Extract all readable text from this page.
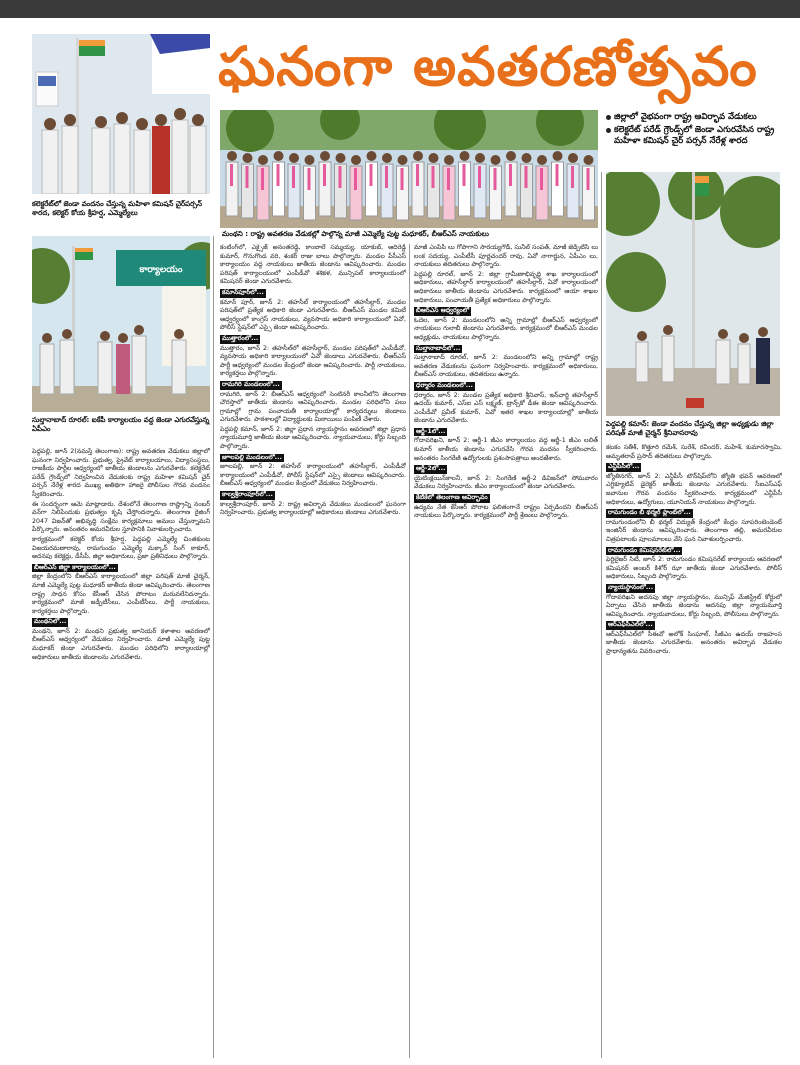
ఘనంగా అవతరణోత్సవం
కలెక్టరేట్‌లో జెండా వందనం చేస్తున్న మహిళా కమిషన్ చైర్‌పర్సన్ శారద, కలెక్టర్ కోయ శ్రీహర్ష, ఎమ్మెల్యేలు
మంథని : రాష్ట్ర అవతరణ వేడుకల్లో పాల్గొన్న మాజీ ఎమ్మెల్యే పుట్ట మధూకర్, బీఆర్ఎస్ నాయకులు
జిల్లాలో వైభవంగా రాష్ట్ర ఆవిర్భావ వేడుకలు
కలెక్టరేట్ పరేడ్ గ్రౌండ్స్‌లో జెండా ఎగురవేసిన రాష్ట్ర మహిళా కమిషన్ చైర్ పర్సన్ నేరేళ్ల శారద
పెద్దపల్లి కమాన్: జెండా వందనం చేస్తున్న జిల్లా అధ్యక్షుడు జిల్లా పరిషత్ మాజీ చైర్మన్ శ్రీనివాసరావు
కార్యాలయం
సుల్తానాబాద్ రూరల్: ఐకేపీ కార్యాలయం వద్ద జెండా ఎగురవేస్తున్న ఏపీఎం

పెద్దపల్లి, జూన్ 2(నమస్తే తెలంగాణ): రాష్ట్ర అవతరణ వేడుకలు జిల్లాలో ఘనంగా నిర్వహించారు. ప్రభుత్వ, ప్రైవేట్ కార్యాలయాలు, విద్యాసంస్థలు, రాజకీయ పార్టీల ఆధ్వర్యంలో జాతీయ జెండాలను ఎగురవేశారు. కలెక్టరేట్ పరేడ్ గ్రౌండ్స్‌లో నిర్వహించిన వేడుకలకు రాష్ట్ర మహిళా కమిషన్ చైర్ పర్సన్ నేరేళ్ల శారద ముఖ్య అతిథిగా హాజరై పోలీసుల గౌరవ వందనం స్వీకరించారు.

ఈ సందర్భంగా ఆమె మాట్లాడారు. దేశంలోనే తెలంగాణ రాష్ట్రాన్ని నంబర్ వన్‌గా నిలిపేందుకు ప్రభుత్వం కృషి చేస్తోందన్నారు. తెలంగాణ రైజింగ్ 2047 విజన్‌తో అభివృద్ధి సంక్షేమ కార్యక్రమాలు అమలు చేస్తున్నామని పేర్కొన్నారు. అనంతరం అమరవీరుల స్తూపానికి నివాళులర్పించారు.

కార్యక్రమంలో కలెక్టర్ కోయ శ్రీహర్ష, పెద్దపల్లి ఎమ్మెల్యే చింతకుంట విజయరమణారావు, రామగుండం ఎమ్మెల్యే మక్కాన్ సింగ్ ఠాకూర్, అదనపు కలెక్టర్లు, డీసీపీ, జిల్లా అధికారులు, ప్రజా ప్రతినిధులు పాల్గొన్నారు.

బీఆర్ఎస్ జిల్లా కార్యాలయంలో...

జిల్లా కేంద్రంలోని బీఆర్ఎస్ కార్యాలయంలో జిల్లా పరిషత్ మాజీ చైర్మన్, మాజీ ఎమ్మెల్యే పుట్ట మధూకర్ జాతీయ జెండా ఆవిష్కరించారు. తెలంగాణ రాష్ట్ర సాధన కోసం కేసీఆర్ చేసిన పోరాటం మరువలేనిదన్నారు. కార్యక్రమంలో మాజీ జడ్పీటీసీలు, ఎంపీటీసీలు, పార్టీ నాయకులు, కార్యకర్తలు పాల్గొన్నారు.

మంథనిలో...

మంథని, జూన్ 2: మంథని ప్రభుత్వ జూనియర్ కళాశాల ఆవరణలో బీఆర్ఎస్ ఆధ్వర్యంలో వేడుకలు నిర్వహించారు. మాజీ ఎమ్మెల్యే పుట్ట మధూకర్ జెండా ఎగురవేశారు. మండల పరిధిలోని కార్యాలయాల్లో అధికారులు జాతీయ జెండాలను ఎగురవేశారు.

కంటింగ్‌లో, ఎక్సైజ్ అనంతరెడ్డి, కాంబాలే సమ్మయ్య, యాకుబ్, ఆదిరెడ్డి కుమార్, గొనుగొండ వరి, శంకర్ రాజు బాలు పాల్గొన్నారు. మండల పీసీఎస్ కార్యాలయం వద్ద నాయకులు జాతీయ జెండాను ఆవిష్కరించారు. మండల పరిషత్ కార్యాలయంలో ఎంపీడీవో శశికళ, మున్సిపల్ కార్యాలయంలో కమిషనర్ జెండా ఎగురవేశారు.

కమాన్‌పూర్‌లో...

కమాన్ పూర్, జూన్ 2: తహసీల్ కార్యాలయంలో తహసీల్దార్, మండల పరిషత్‌లో ప్రత్యేక అధికారి జెండా ఎగురవేశారు. బీఆర్ఎస్ మండల కమిటీ ఆధ్వర్యంలో కాంగ్రెస్ నాయకులు, వ్యవసాయ అధికారి కార్యాలయంలో ఏవో, పోలీస్ స్టేషన్‌లో ఎస్సై జెండా ఆవిష్కరించారు.

ముత్తారంలో...

ముత్తారం, జూన్ 2: తహసీల్‌లో తహసీల్దార్, మండల పరిషత్‌లో ఎంపీడీవో, వ్యవసాయ అధికారి కార్యాలయంలో ఏవో జెండాలు ఎగురవేశారు. బీఆర్ఎస్ పార్టీ ఆధ్వర్యంలో మండల కేంద్రంలో జెండా ఆవిష్కరించారు. పార్టీ నాయకులు, కార్యకర్తలు పాల్గొన్నారు.

రామగిరి మండలంలో...

రామగిరి, జూన్ 2: బీఆర్ఎస్ ఆధ్వర్యంలో సెంటినరీ కాలనీలోని తెలంగాణ చౌరస్తాలో జాతీయ జెండాను ఆవిష్కరించారు. మండల పరిధిలోని పలు గ్రామాల్లో గ్రామ పంచాయతీ కార్యాలయాల్లో కార్యదర్శులు జెండాలు ఎగురవేశారు. పాఠశాలల్లో విద్యార్థులకు మిఠాయిలు పంపిణీ చేశారు.

పెద్దపల్లి కమాన్, జూన్ 2: జిల్లా ప్రధాన న్యాయస్థానం ఆవరణలో జిల్లా ప్రధాన న్యాయమూర్తి జాతీయ జెండా ఆవిష్కరించారు. న్యాయవాదులు, కోర్టు సిబ్బంది పాల్గొన్నారు.

జూలపల్లి మండలంలో...

జూలపల్లి, జూన్ 2: తహసీల్ కార్యాలయంలో తహసీల్దార్, ఎంపీడీవో కార్యాలయంలో ఎంపీడీవో, పోలీస్ స్టేషన్‌లో ఎస్సై జెండాలు ఆవిష్కరించారు. బీఆర్ఎస్ ఆధ్వర్యంలో మండల కేంద్రంలో వేడుకలు నిర్వహించారు.

కాల్వశ్రీరాంపూర్‌లో...

కాల్వశ్రీరాంపూర్, జూన్ 2: రాష్ట్ర అవిర్భావ వేడుకలు మండలంలో ఘనంగా నిర్వహించారు. ప్రభుత్వ కార్యాలయాల్లో అధికారులు జెండాలు ఎగురవేశారు.

మాజీ ఎంపీపీ లు గోపాగాని సారయ్యగౌడ్, సునీల్ సంపత్, మాజీ జెడ్పీటీసీ లు లంక సదయ్య, ఎంపీటీసీ పూర్ణచందర్ రావు, ఏవో నాగార్జున, ఏపీఎం లు, నాయకులు తదితరులు పాల్గొన్నారు.

పెద్దపల్లి రూరల్, జూన్ 2: జిల్లా గ్రామీణాభివృద్ధి శాఖ కార్యాలయంలో అధికారులు, తహసీల్దార్ కార్యాలయంలో తహసీల్దార్, ఏవో కార్యాలయంలో అధికారులు జాతీయ జెండాను ఎగురవేశారు. కార్యక్రమంలో ఆయా శాఖల అధికారులు, పంచాయతీ ప్రత్యేక అధికారులు పాల్గొన్నారు.

బీఆర్ఎస్ ఆధ్వర్యంలో

ఓదెల, జూన్ 2: మండలంలోని అన్ని గ్రామాల్లో బీఆర్ఎస్ ఆధ్వర్యంలో నాయకులు గులాబీ జెండాను ఎగురవేశారు. కార్యక్రమంలో బీఆర్ఎస్ మండల అధ్యక్షుడు, నాయకులు పాల్గొన్నారు.

సుల్తానాబాద్‌లో...

సుల్తానాబాద్ రూరల్, జూన్ 2: మండలంలోని అన్ని గ్రామాల్లో రాష్ట్ర అవతరణ వేడుకలను ఘనంగా నిర్వహించారు. కార్యక్రమంలో అధికారులు, బీఆర్ఎస్ నాయకులు, తదితరులు ఉన్నారు.

ధర్మారం మండలంలో...

ధర్మారం, జూన్ 2: మండల ప్రత్యేక అధికారి శ్రీనివాస్, ఇన్‌చార్జి తహసీల్దార్ ఉదయ్ కుమార్, ఎస్ఐ ఎస్ లక్ష్మణ్, ట్రాన్స్‌కో డీఈ జెండా ఆవిష్కరించారు. ఎంపీడీవో ప్రవీణ్ కుమార్, ఏవో ఇతర శాఖల కార్యాలయాల్లో జాతీయ జెండాను ఎగురవేశారు.

ఆర్జీ-1లో...

గోదావరిఖని, జూన్ 2: ఆర్జీ-1 జీఎం కార్యాలయం వద్ద ఆర్జీ-1 జీఎం లలిత్ కుమార్ జాతీయ జెండాను ఎగురవేసి గౌరవ వందనం స్వీకరించారు. అనంతరం సింగరేణి ఉద్యోగులకు ప్రశంసాపత్రాలు అందజేశారు.

ఆర్జీ-2లో...

యైటింక్లయిన్‌కాలనీ, జూన్ 2: సింగరేణి ఆర్జీ-2 డివిజన్‌లో సోమవారం వేడుకలు నిర్వహించారు. జీఎం కార్యాలయంలో జెండా ఎగురవేశారు.

కేటీకేలో తెలంగాణ ఆవిర్భావం

ఉద్యమ నేత కేసీఆర్ పోరాట ఫలితంగానే రాష్ట్రం ఏర్పడిందని బీఆర్ఎస్ నాయకులు పేర్కొన్నారు. కార్యక్రమంలో పార్టీ శ్రేణులు పాల్గొన్నారు.

కటకం సతీశ్, కొత్తూరి రమేశ్, సురేశ్, రవీందర్, మహేశ్, కుమారస్వామి, అమృతరావ్ ప్రసాద్ తదితరులు పాల్గొన్నారు.

ఎన్టీపీసీలో...

జ్యోతినగర్, జూన్ 2: ఎన్టీపీసీ టౌన్‌షిప్‌లోని జ్యోతి భవన్ ఆవరణలో ఎగ్జిక్యూటివ్ డైరెక్టర్ జాతీయ జెండాను ఎగురవేశారు. సీఐఎస్ఎఫ్ జవానుల గౌరవ వందనం స్వీకరించారు. కార్యక్రమంలో ఎన్టీపీసీ అధికారులు, ఉద్యోగులు, యూనియన్ నాయకులు పాల్గొన్నారు.

రామగుండం బీ థర్మల్ ప్లాంట్‌లో...

రామగుండంలోని బీ థర్మల్ విద్యుత్ కేంద్రంలో కేంద్రం సూపరింటెండెంట్ ఇంజినీర్ జెండాను ఆవిష్కరించారు. తెలంగాణ తల్లి, అమరవీరుల చిత్రపటాలకు పూలమాలలు వేసి ఘన నివాళులర్పించారు.

రామగుండం కమిషనరేట్‌లో...

ఫెర్టిలైజర్ సిటీ, జూన్ 2: రామగుండం కమిషనరేట్ కార్యాలయ ఆవరణలో కమిషనర్ అంబర్ కిశోర్ ఝా జాతీయ జెండా ఎగురవేశారు. పోలీస్ అధికారులు, సిబ్బంది పాల్గొన్నారు.

న్యాయస్థానంలో...

గోదావరిఖని అదనపు జిల్లా న్యాయస్థానం, మున్సిఫ్ మేజిస్ట్రేట్ కోర్టులో ఏర్పాటు చేసిన జాతీయ జెండాను ఆదనపు జిల్లా న్యాయమూర్తి ఆవిష్కరించారు. న్యాయవాదులు, కోర్టు సిబ్బంది, పోలీసులు పాల్గొన్నారు.

ఆర్ఎఫ్‌సీఎల్‌లో...

ఆర్ఎఫ్‌సీఎల్‌లో సీఈవో అలోక్ సింఘాల్, సీజీఎం ఉదయ్ రాజహంస జాతీయ జెండాను ఎగురవేశారు. అనంతరం అవిర్భావ వేడుకల ప్రాధాన్యతను వివరించారు.
